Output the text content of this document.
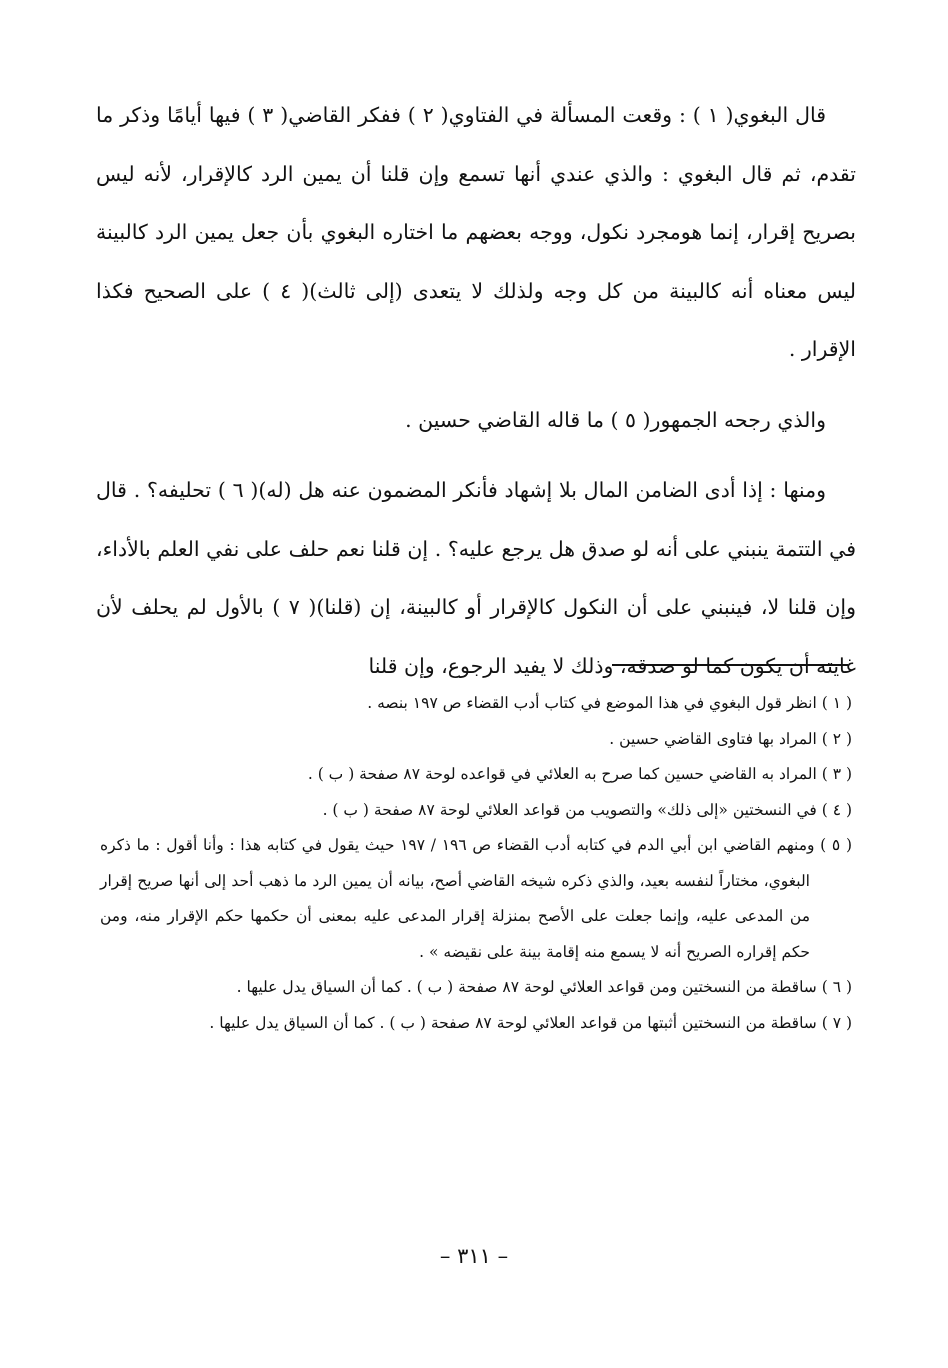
قال البغوي( ١ ) : وقعت المسألة في الفتاوي( ٢ ) ففكر القاضي( ٣ ) فيها أيامًا وذكر ما تقدم، ثم قال البغوي : والذي عندي أنها تسمع وإن قلنا أن يمين الرد كالإقرار، لأنه ليس بصريح إقرار، إنما هومجرد نكول، ووجه بعضهم ما اختاره البغوي بأن جعل يمين الرد كالبينة ليس معناه أنه كالبينة من كل وجه ولذلك لا يتعدى (إلى ثالث)( ٤ ) على الصحيح فكذا الإقرار .

والذي رجحه الجمهور( ٥ ) ما قاله القاضي حسين .

ومنها : إذا أدى الضامن المال بلا إشهاد فأنكر المضمون عنه هل (له)( ٦ ) تحليفه؟ . قال في التتمة ينبني على أنه لو صدق هل يرجع عليه؟ . إن قلنا نعم حلف على نفي العلم بالأداء، وإن قلنا لا، فينبني على أن النكول كالإقرار أو كالبينة، إن (قلنا)( ٧ ) بالأول لم يحلف لأن غايته أن يكون كما لو صدقه، وذلك لا يفيد الرجوع، وإن قلنا

( ١ ) انظر قول البغوي في هذا الموضع في كتاب أدب القضاء ص ١٩٧ بنصه .
( ٢ ) المراد بها فتاوى القاضي حسين .
( ٣ ) المراد به القاضي حسين كما صرح به العلائي في قواعده لوحة ٨٧ صفحة ( ب ) .
( ٤ ) في النسختين «إلى ذلك» والتصويب من قواعد العلائي لوحة ٨٧ صفحة ( ب ) .
( ٥ ) ومنهم القاضي ابن أبي الدم في كتابه أدب القضاء ص ١٩٦ / ١٩٧ حيث يقول في كتابه هذا : وأنا أقول : ما ذكره البغوي، مختاراً لنفسه بعيد، والذي ذكره شيخه القاضي أصح، بيانه أن يمين الرد ما ذهب أحد إلى أنها صريح إقرار من المدعى عليه، وإنما جعلت على الأصح بمنزلة إقرار المدعى عليه بمعنى أن حكمها حكم الإقرار منه، ومن حكم إقراره الصريح أنه لا يسمع منه إقامة بينة على نقيضه » .
( ٦ ) ساقطة من النسختين ومن قواعد العلائي لوحة ٨٧ صفحة ( ب ) . كما أن السياق يدل عليها .
( ٧ ) ساقطة من النسختين أثبتها من قواعد العلائي لوحة ٨٧ صفحة ( ب ) . كما أن السياق يدل عليها .
– ٣١١ –
